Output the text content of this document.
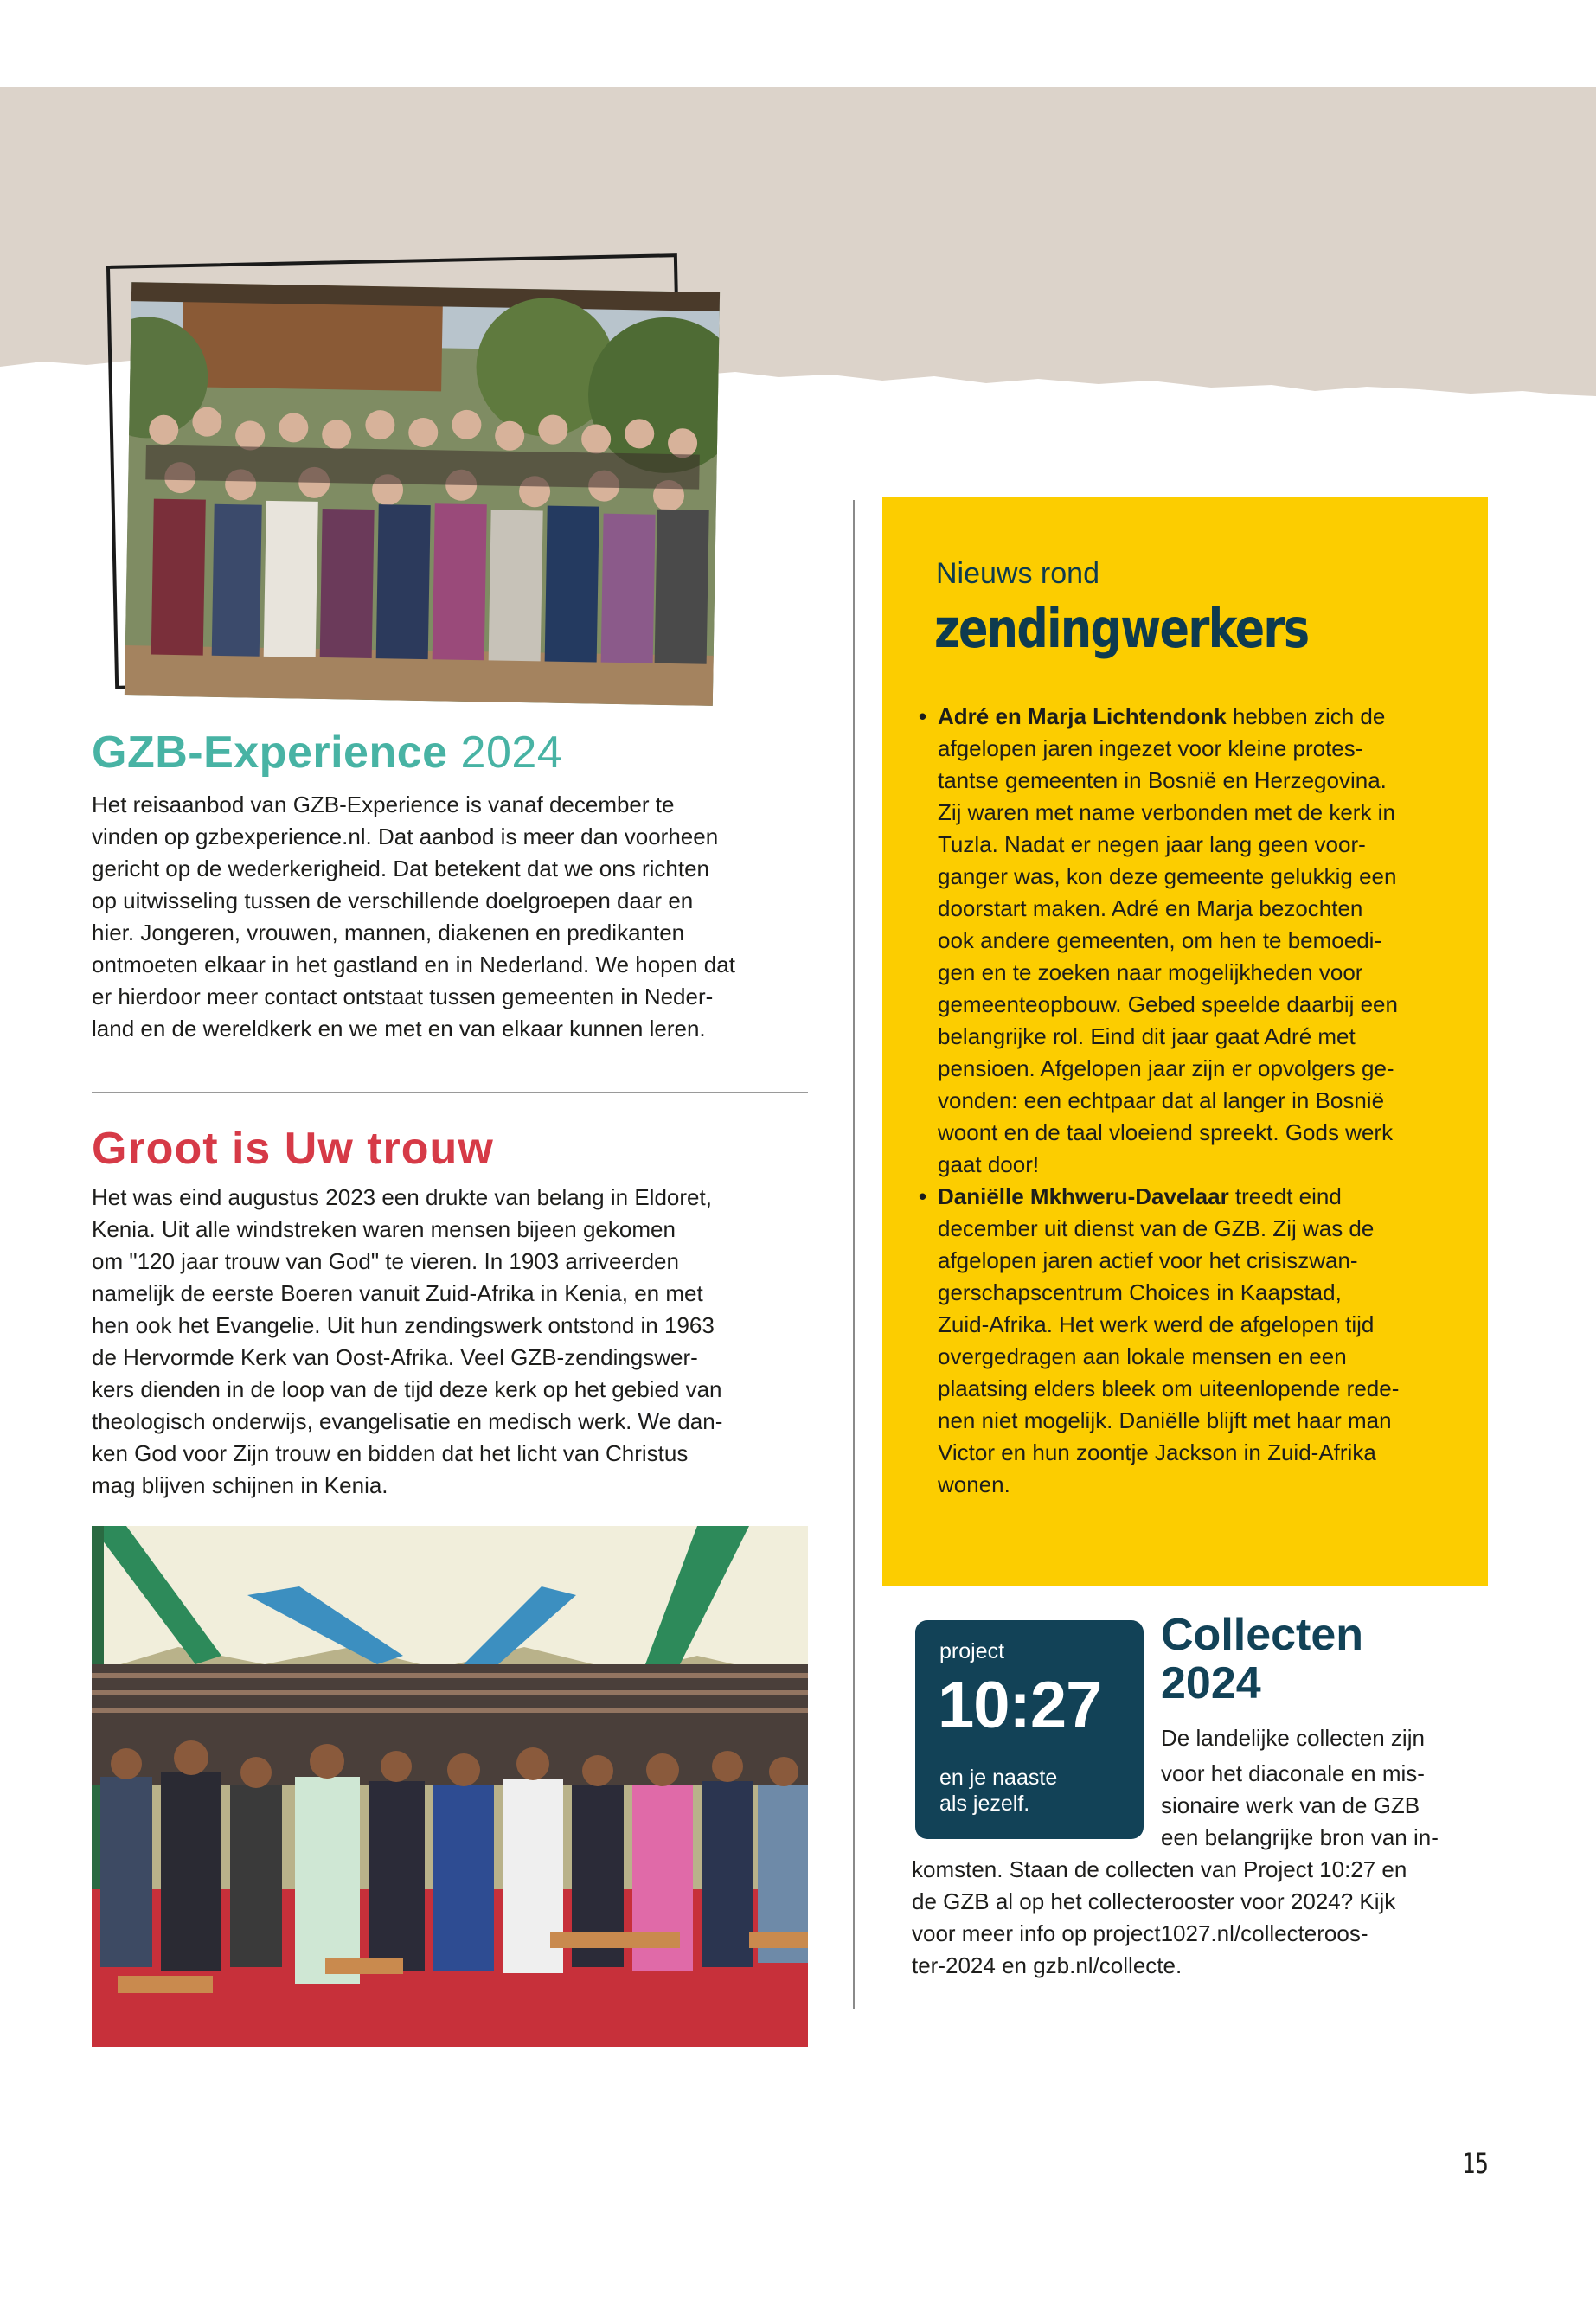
GZB-Experience 2024
Het reisaanbod van GZB-Experience is vanaf december te
vinden op gzbexperience.nl. Dat aanbod is meer dan voorheen
gericht op de wederkerigheid. Dat betekent dat we ons richten
op uitwisseling tussen de verschillende doelgroepen daar en
hier. Jongeren, vrouwen, mannen, diakenen en predikanten
ontmoeten elkaar in het gastland en in Nederland. We hopen dat
er hierdoor meer contact ontstaat tussen gemeenten in Neder-
land en de wereldkerk en we met en van elkaar kunnen leren.
Groot is Uw trouw
Het was eind augustus 2023 een drukte van belang in Eldoret,
Kenia. Uit alle windstreken waren mensen bijeen gekomen
om "120 jaar trouw van God" te vieren. In 1903 arriveerden
namelijk de eerste Boeren vanuit Zuid-Afrika in Kenia, en met
hen ook het Evangelie. Uit hun zendingswerk ontstond in 1963
de Hervormde Kerk van Oost-Afrika. Veel GZB-zendingswer-
kers dienden in de loop van de tijd deze kerk op het gebied van
theologisch onderwijs, evangelisatie en medisch werk. We dan-
ken God voor Zijn trouw en bidden dat het licht van Christus
mag blijven schijnen in Kenia.
Nieuws rond
zendingwerkers
• Adré en Marja Lichtendonk hebben zich de
afgelopen jaren ingezet voor kleine protes-
tantse gemeenten in Bosnië en Herzegovina.
Zij waren met name verbonden met de kerk in
Tuzla. Nadat er negen jaar lang geen voor-
ganger was, kon deze gemeente gelukkig een
doorstart maken. Adré en Marja bezochten
ook andere gemeenten, om hen te bemoedi-
gen en te zoeken naar mogelijkheden voor
gemeenteopbouw. Gebed speelde daarbij een
belangrijke rol. Eind dit jaar gaat Adré met
pensioen. Afgelopen jaar zijn er opvolgers ge-
vonden: een echtpaar dat al langer in Bosnië
woont en de taal vloeiend spreekt. Gods werk
gaat door!
• Daniëlle Mkhweru-Davelaar treedt eind
december uit dienst van de GZB. Zij was de
afgelopen jaren actief voor het crisiszwan-
gerschapscentrum Choices in Kaapstad,
Zuid-Afrika. Het werk werd de afgelopen tijd
overgedragen aan lokale mensen en een
plaatsing elders bleek om uiteenlopende rede-
nen niet mogelijk. Daniëlle blijft met haar man
Victor en hun zoontje Jackson in Zuid-Afrika
wonen.
project
10:27
en je naaste
als jezelf.
Collecten
2024
De landelijke collecten zijn
voor het diaconale en mis-
sionaire werk van de GZB
een belangrijke bron van in-
komsten. Staan de collecten van Project 10:27 en
de GZB al op het collecterooster voor 2024? Kijk
voor meer info op project1027.nl/collecteroos-
ter-2024 en gzb.nl/collecte.
15
